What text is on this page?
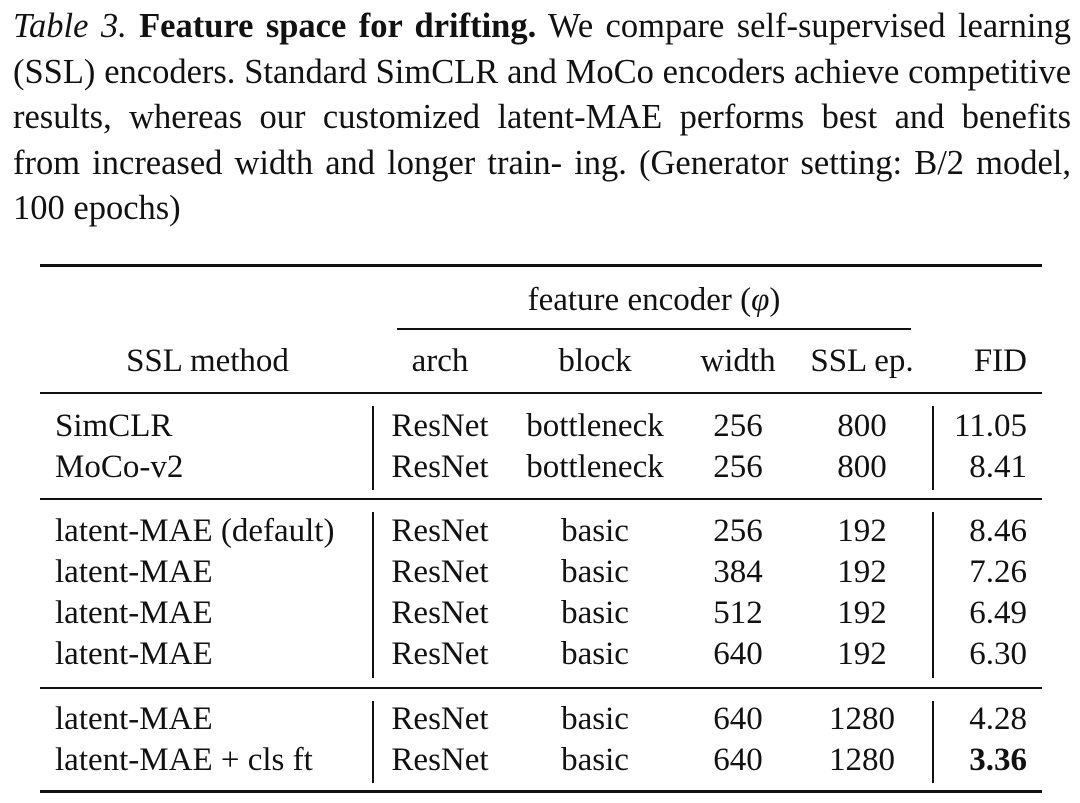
Table 3. Feature space for drifting. We compare self-supervised learning (SSL) encoders. Standard SimCLR and MoCo encoders achieve competitive results, whereas our customized latent-MAE performs best and benefits from increased width and longer train- ing. (Generator setting: B/2 model, 100 epochs)
feature encoder (φ)
SSL method	arch	block	width	SSL ep.	FID
SimCLR	ResNet	bottleneck	256	800	11.05
MoCo-v2	ResNet	bottleneck	256	800	8.41
latent-MAE (default)	ResNet	basic	256	192	8.46
latent-MAE	ResNet	basic	384	192	7.26
latent-MAE	ResNet	basic	512	192	6.49
latent-MAE	ResNet	basic	640	192	6.30
latent-MAE	ResNet	basic	640	1280	4.28
latent-MAE + cls ft	ResNet	basic	640	1280	3.36
